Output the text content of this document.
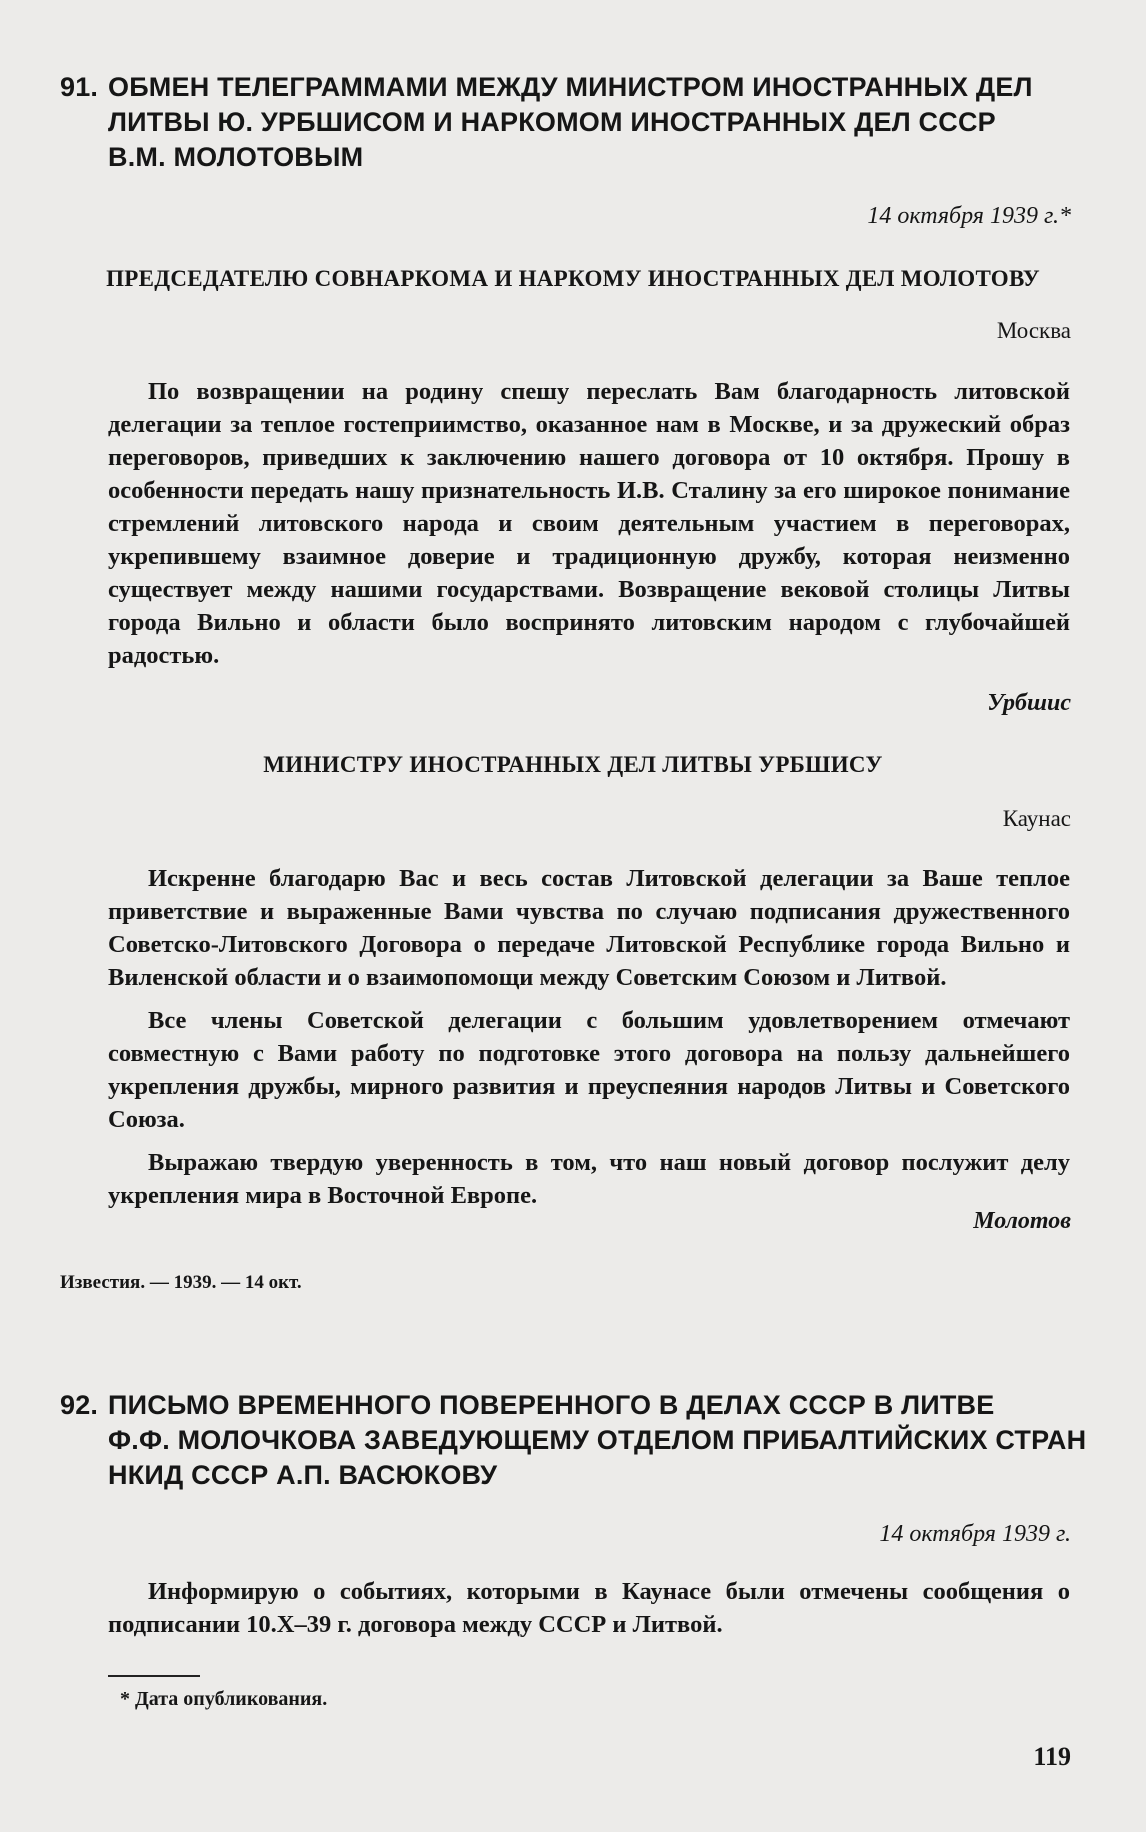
91. ОБМЕН ТЕЛЕГРАММАМИ МЕЖДУ МИНИСТРОМ ИНОСТРАННЫХ ДЕЛ
ЛИТВЫ Ю. УРБШИСОМ И НАРКОМОМ ИНОСТРАННЫХ ДЕЛ СССР
В.М. МОЛОТОВЫМ
14 октября 1939 г.*
ПРЕДСЕДАТЕЛЮ СОВНАРКОМА И НАРКОМУ ИНОСТРАННЫХ ДЕЛ МОЛОТОВУ
Москва

По возвращении на родину спешу переслать Вам благодарность литовской делегации за теплое гостеприимство, оказанное нам в Москве, и за дружеский образ переговоров, приведших к заключению нашего договора от 10 октября. Прошу в особенности передать нашу признательность И.В. Сталину за его широкое понимание стремлений литовского народа и своим деятельным участием в переговорах, укрепившему взаимное доверие и традиционную дружбу, которая неизменно существует между нашими государствами. Возвращение вековой столицы Литвы города Вильно и области было воспринято литовским народом с глубочайшей радостью.

Урбшис
МИНИСТРУ ИНОСТРАННЫХ ДЕЛ ЛИТВЫ УРБШИСУ
Каунас

Искренне благодарю Вас и весь состав Литовской делегации за Ваше теплое приветствие и выраженные Вами чувства по случаю подписания дружественного Советско-Литовского Договора о передаче Литовской Республике города Вильно и Виленской области и о взаимопомощи между Советским Союзом и Литвой.

Все члены Советской делегации с большим удовлетворением отмечают совместную с Вами работу по подготовке этого договора на пользу дальнейшего укрепления дружбы, мирного развития и преуспеяния народов Литвы и Советского Союза.

Выражаю твердую уверенность в том, что наш новый договор послужит делу укрепления мира в Восточной Европе.

Молотов
Известия. — 1939. — 14 окт.
92. ПИСЬМО ВРЕМЕННОГО ПОВЕРЕННОГО В ДЕЛАХ СССР В ЛИТВЕ
Ф.Ф. МОЛОЧКОВА ЗАВЕДУЮЩЕМУ ОТДЕЛОМ ПРИБАЛТИЙСКИХ СТРАН
НКИД СССР А.П. ВАСЮКОВУ
14 октября 1939 г.

Информирую о событиях, которыми в Каунасе были отмечены сообщения о подписании 10.X–39 г. договора между СССР и Литвой.

* Дата опубликования.
119
